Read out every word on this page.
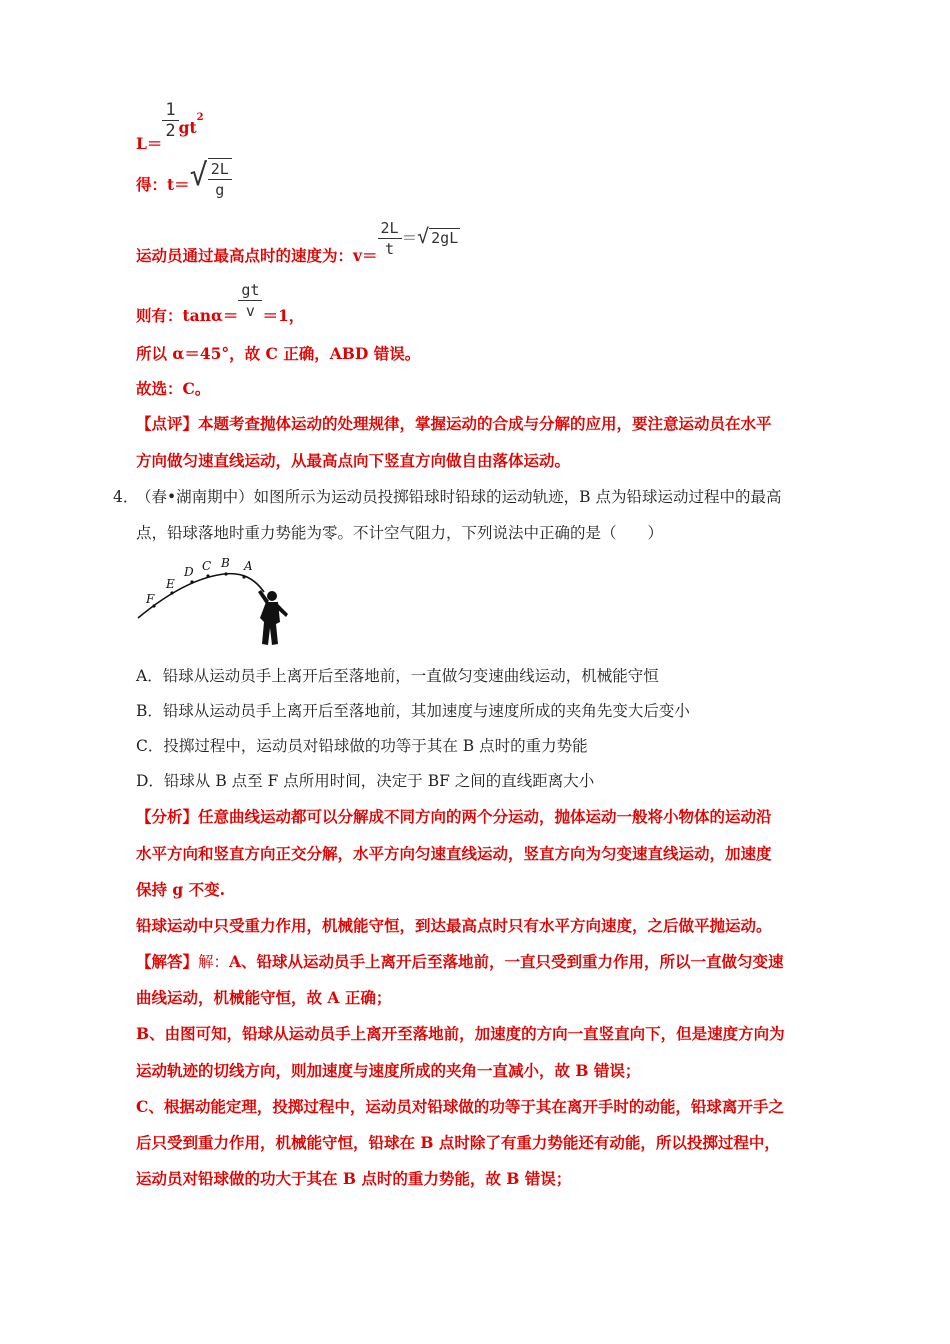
L＝
$\frac{1}{2} gt^2$
得：$t=√ \frac{2L}{g}$
运动员通过最高点时的速度为：$v= \frac{2L}{t}$ ＝√ 2gL
则有：$\tan\alpha= \frac{gt}{v} =1$，
所以 α＝45°，故 C 正确，ABD 错误。
故选：C。
【点评】本题考查抛体运动的处理规律，掌握运动的合成与分解的应用，要注意运动员在水平
方向做匀速直线运动，从最高点向下竖直方向做自由落体运动。
4．
（春•湖南期中）如图所示为运动员投掷铅球时铅球的运动轨迹，B 点为铅球运动过程中的最高
点，铅球落地时重力势能为零。不计空气阻力，下列说法中正确的是（　　）
F
E
D C B A
A．铅球从运动员手上离开后至落地前，一直做匀变速曲线运动，机械能守恒
B．铅球从运动员手上离开后至落地前，其加速度与速度所成的夹角先变大后变小
C．投掷过程中，运动员对铅球做的功等于其在 B 点时的重力势能
D．铅球从 B 点至 F 点所用时间，决定于 BF 之间的直线距离大小
【分析】任意曲线运动都可以分解成不同方向的两个分运动，抛体运动一般将小物体的运动沿
水平方向和竖直方向正交分解，水平方向匀速直线运动，竖直方向为匀变速直线运动，加速度
保持 g 不变.
铅球运动中只受重力作用，机械能守恒，到达最高点时只有水平方向速度，之后做平抛运动。
【解答】解：A、铅球从运动员手上离开后至落地前，一直只受到重力作用，所以一直做匀变速
曲线运动，机械能守恒，故 A 正确；
B、由图可知，铅球从运动员手上离开至落地前，加速度的方向一直竖直向下，但是速度方向为
运动轨迹的切线方向，则加速度与速度所成的夹角一直减小，故 B 错误；
C、根据动能定理，投掷过程中，运动员对铅球做的功等于其在离开手时的动能，铅球离开手之
后只受到重力作用，机械能守恒，铅球在 B 点时除了有重力势能还有动能，所以投掷过程中，
运动员对铅球做的功大于其在 B 点时的重力势能，故 B 错误；
